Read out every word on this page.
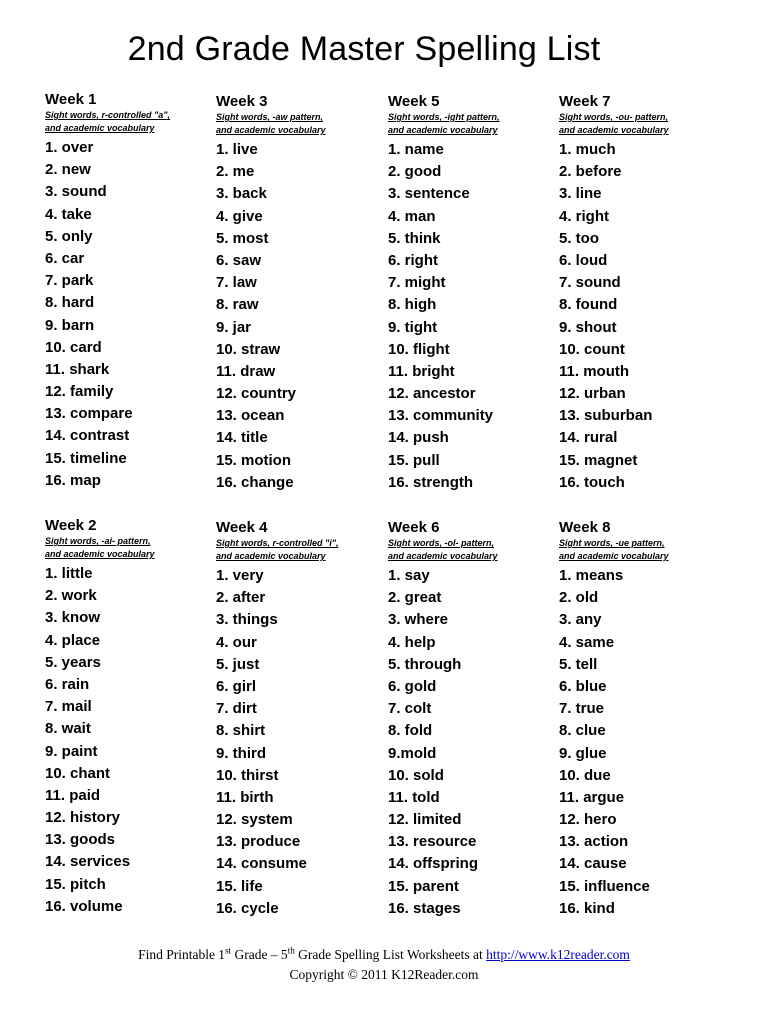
2nd Grade Master Spelling List
Week 1
Sight words, r-controlled "a",
and academic vocabulary
1. over
2. new
3. sound
4. take
5. only
6. car
7. park
8. hard
9. barn
10. card
11. shark
12. family
13. compare
14. contrast
15. timeline
16. map
Week 3
Sight words, -aw pattern,
and academic vocabulary
1. live
2. me
3. back
4. give
5. most
6. saw
7. law
8. raw
9. jar
10. straw
11. draw
12. country
13. ocean
14. title
15. motion
16. change
Week 5
Sight words, -ight pattern,
and academic vocabulary
1. name
2. good
3. sentence
4. man
5. think
6. right
7. might
8. high
9. tight
10. flight
11. bright
12. ancestor
13. community
14. push
15. pull
16. strength
Week 7
Sight words, -ou- pattern,
and academic vocabulary
1. much
2. before
3. line
4. right
5. too
6. loud
7. sound
8. found
9. shout
10. count
11. mouth
12. urban
13. suburban
14. rural
15. magnet
16. touch
Week 2
Sight words, -ai- pattern,
and academic vocabulary
1. little
2. work
3. know
4. place
5. years
6. rain
7. mail
8. wait
9. paint
10. chant
11. paid
12. history
13. goods
14. services
15. pitch
16. volume
Week 4
Sight words, r-controlled "i",
and academic vocabulary
1. very
2. after
3. things
4. our
5. just
6. girl
7. dirt
8. shirt
9. third
10. thirst
11. birth
12. system
13. produce
14. consume
15. life
16. cycle
Week 6
Sight words, -ol- pattern,
and academic vocabulary
1. say
2. great
3. where
4. help
5. through
6. gold
7. colt
8. fold
9.mold
10. sold
11. told
12. limited
13. resource
14. offspring
15. parent
16. stages
Week 8
Sight words, -ue pattern,
and academic vocabulary
1. means
2. old
3. any
4. same
5. tell
6. blue
7. true
8. clue
9. glue
10. due
11. argue
12. hero
13. action
14. cause
15. influence
16. kind
Find Printable 1st Grade – 5th Grade Spelling List Worksheets at http://www.k12reader.com
Copyright © 2011 K12Reader.com
